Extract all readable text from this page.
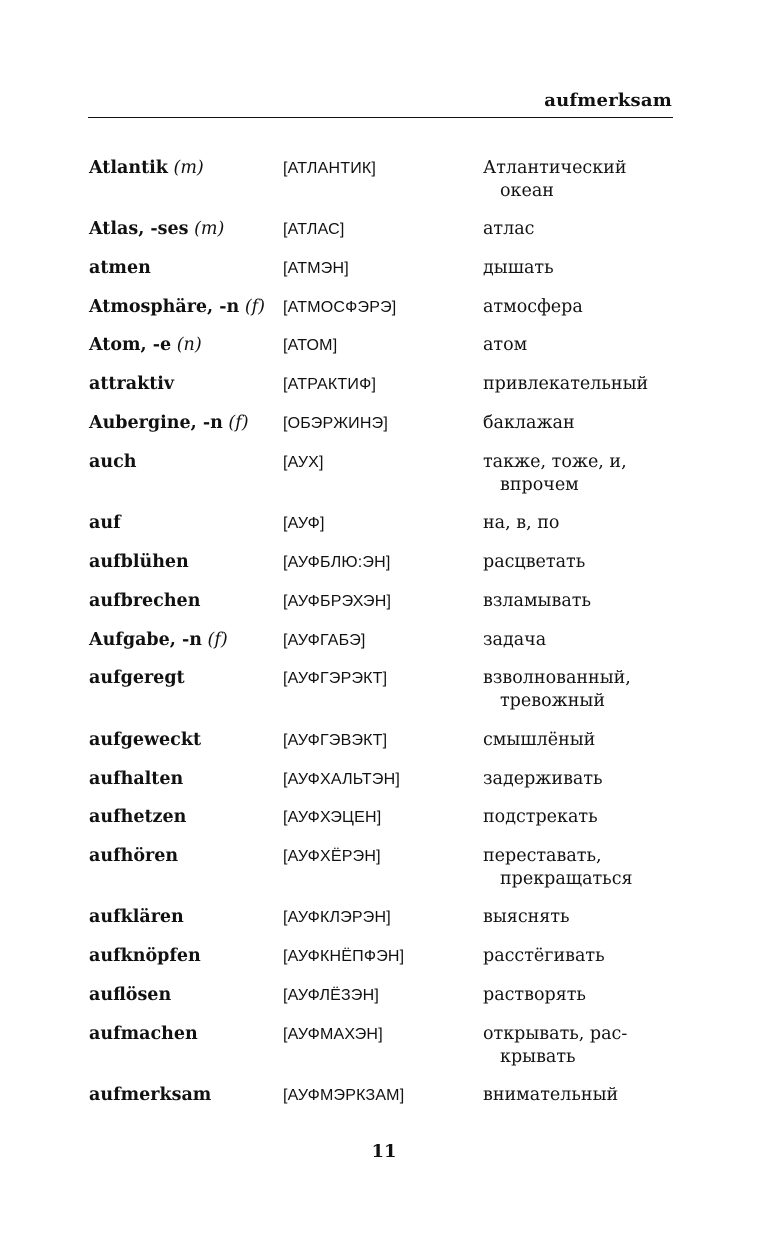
aufmerksam
Atlantik (m)	[АТЛАНТИК]	Атлантический
океан
Atlas, -ses (m)	[АТЛАС]	атлас
atmen	[АТМЭН]	дышать
Atmosphäre, -n (f) [АТМОСФЭРЭ]	атмосфера
Atom, -e (n)	[АТОМ]	атом
attraktiv	[АТРАКТИФ]	привлекательный
Aubergine, -n (f) [ОБЭРЖИНЭ]	баклажан
auch	[АУХ]	также, тоже, и,
впрочем
auf	[АУФ]	на, в, по
aufblühen	[АУФБЛЮ:ЭН]	расцветать
aufbrechen	[АУФБРЭХЭН]	взламывать
Aufgabe, -n (f)	[АУФГАБЭ]	задача
aufgeregt	[АУФГЭРЭКТ]	взволнованный,
тревожный
aufgeweckt	[АУФГЭВЭКТ]	смышлёный
aufhalten	[АУФХАЛЬТЭН]	задерживать
aufhetzen	[АУФХЭЦЕН]	подстрекать
aufhören	[АУФХЁРЭН]	переставать,
прекращаться
aufklären	[АУФКЛЭРЭН]	выяснять
aufknöpfen	[АУФКНЁПФЭН]	расстёгивать
auflösen	[АУФЛЁЗЭН]	растворять
aufmachen	[АУФМАХЭН]	открывать, рас-
крывать
aufmerksam	[АУФМЭРКЗАМ]	внимательный
11
